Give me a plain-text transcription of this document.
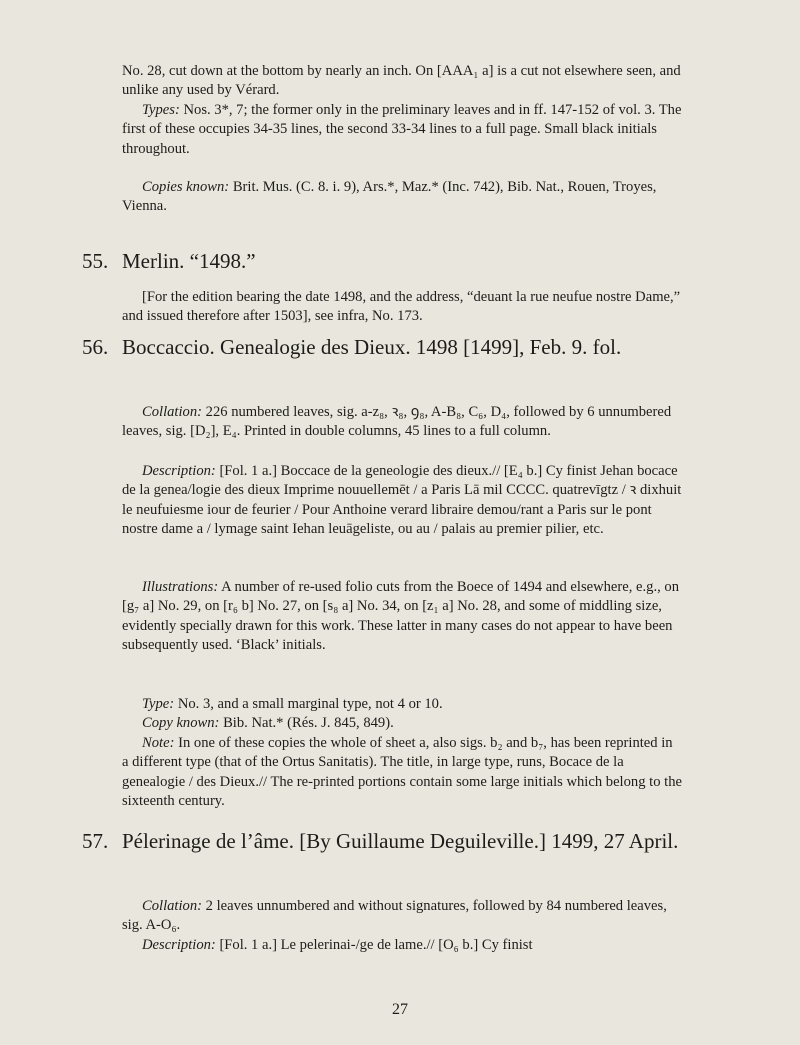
No. 28, cut down at the bottom by nearly an inch. On [AAA₁ a] is a cut not elsewhere seen, and unlike any used by Vérard.

Types: Nos. 3*, 7; the former only in the preliminary leaves and in ff. 147-152 of vol. 3. The first of these occupies 34-35 lines, the second 33-34 lines to a full page. Small black initials throughout.

Copies known: Brit. Mus. (C. 8. i. 9), Ars.*, Maz.* (Inc. 742), Bib. Nat., Rouen, Troyes, Vienna.

55. Merlin. “1498.”

[For the edition bearing the date 1498, and the address, “deuant la rue neufue nostre Dame,” and issued therefore after 1503], see infra, No. 173.

56. Boccaccio. Genealogie des Dieux. 1498 [1499], Feb. 9. fol.

Collation: 226 numbered leaves, sig. a-z₈, ꝛ₈, ꝯ₈, A-B₈, C₆, D₄, followed by 6 unnumbered leaves, sig. [D₂], E₄. Printed in double columns, 45 lines to a full column.

Description: [Fol. 1 a.] Boccace de la geneologie des dieux.// [E₄ b.] Cy finist Jehan bocace de la genea/logie des dieux Imprime nouuellemēt / a Paris Lā mil CCCC. quatrevīgtz / ꝛ dixhuit le neufuiesme iour de feurier / Pour Anthoine verard libraire demou/rant a Paris sur le pont nostre dame a / lymage saint Iehan leuāgeliste, ou au / palais au premier pilier, etc.

Illustrations: A number of re-used folio cuts from the Boece of 1494 and elsewhere, e.g., on [g₇ a] No. 29, on [r₆ b] No. 27, on [s₈ a] No. 34, on [z₁ a] No. 28, and some of middling size, evidently specially drawn for this work. These latter in many cases do not appear to have been subsequently used. ‘Black’ initials.

Type: No. 3, and a small marginal type, not 4 or 10.

Copy known: Bib. Nat.* (Rés. J. 845, 849).

Note: In one of these copies the whole of sheet a, also sigs. b₂ and b₇, has been reprinted in a different type (that of the Ortus Sanitatis). The title, in large type, runs, Bocace de la genealogie / des Dieux.// The re-printed portions contain some large initials which belong to the sixteenth century.

57. Pélerinage de l’âme. [By Guillaume Deguileville.] 1499, 27 April.

Collation: 2 leaves unnumbered and without signatures, followed by 84 numbered leaves, sig. A-O₆.

Description: [Fol. 1 a.] Le pelerinai-/ge de lame.// [O₆ b.] Cy finist

27
